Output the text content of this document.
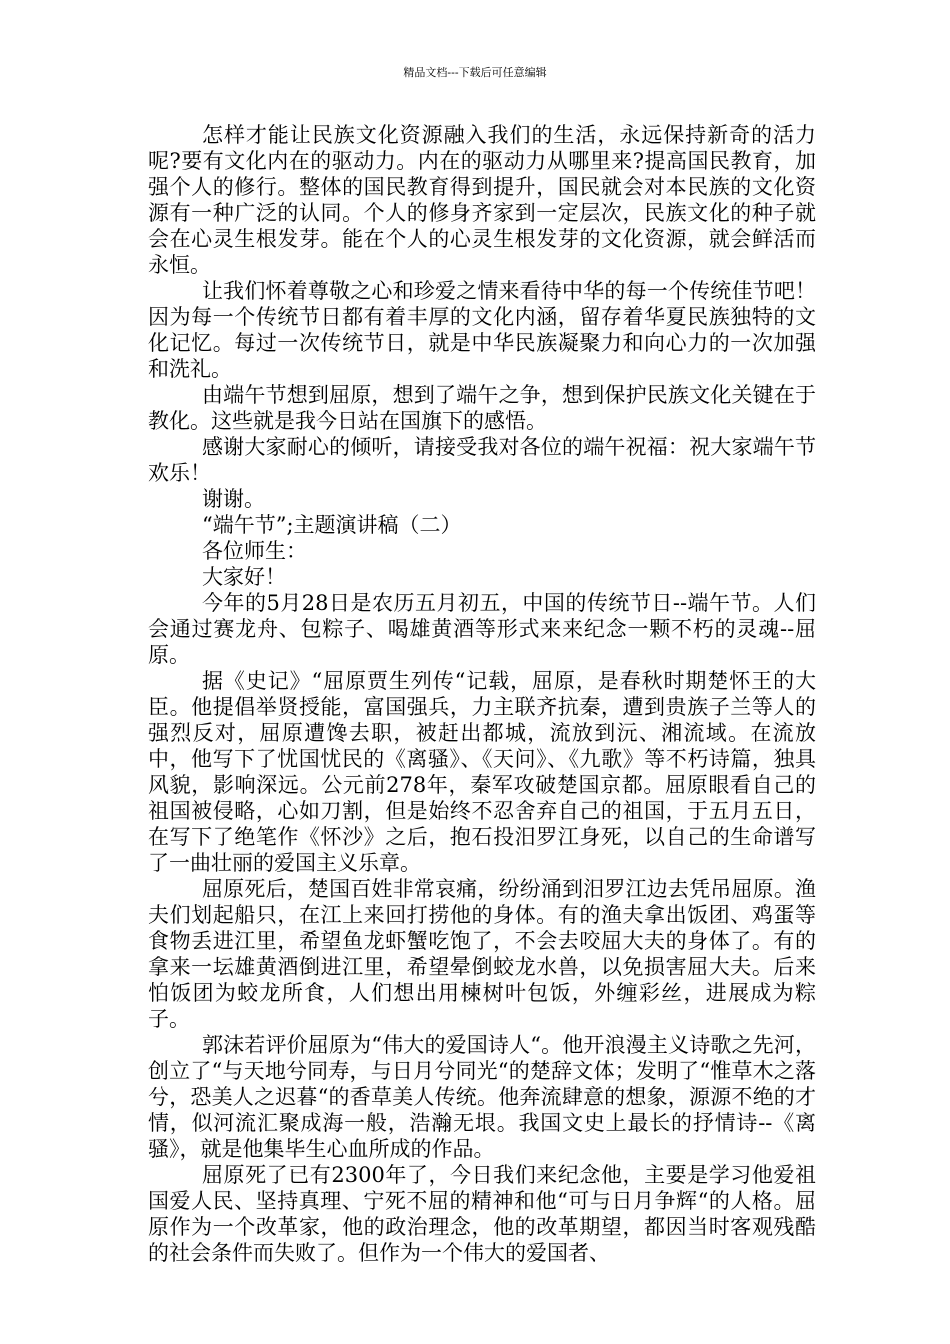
精品文档---下载后可任意编辑

怎样才能让民族文化资源融入我们的生活，永远保持新奇的活力呢?要有文化内在的驱动力。内在的驱动力从哪里来?提高国民教育，加强个人的修行。整体的国民教育得到提升，国民就会对本民族的文化资源有一种广泛的认同。个人的修身齐家到一定层次，民族文化的种子就会在心灵生根发芽。能在个人的心灵生根发芽的文化资源，就会鲜活而永恒。

让我们怀着尊敬之心和珍爱之情来看待中华的每一个传统佳节吧！因为每一个传统节日都有着丰厚的文化内涵，留存着华夏民族独特的文化记忆。每过一次传统节日，就是中华民族凝聚力和向心力的一次加强和洗礼。

由端午节想到屈原，想到了端午之争，想到保护民族文化关键在于教化。这些就是我今日站在国旗下的感悟。

感谢大家耐心的倾听，请接受我对各位的端午祝福：祝大家端午节欢乐！

谢谢。

“端午节”;主题演讲稿（二）

各位师生：

大家好！

今年的5月28日是农历五月初五，中国的传统节日--端午节。人们会通过赛龙舟、包粽子、喝雄黄酒等形式来来纪念一颗不朽的灵魂--屈原。

据《史记》“屈原贾生列传“记载，屈原，是春秋时期楚怀王的大臣。他提倡举贤授能，富国强兵，力主联齐抗秦，遭到贵族子兰等人的强烈反对，屈原遭馋去职，被赶出都城，流放到沅、湘流域。在流放中，他写下了忧国忧民的《离骚》、《天问》、《九歌》等不朽诗篇，独具风貌，影响深远。公元前278年，秦军攻破楚国京都。屈原眼看自己的祖国被侵略，心如刀割，但是始终不忍舍弃自己的祖国，于五月五日，在写下了绝笔作《怀沙》之后，抱石投汨罗江身死，以自己的生命谱写了一曲壮丽的爱国主义乐章。

屈原死后，楚国百姓非常哀痛，纷纷涌到汨罗江边去凭吊屈原。渔夫们划起船只，在江上来回打捞他的身体。有的渔夫拿出饭团、鸡蛋等食物丢进江里，希望鱼龙虾蟹吃饱了，不会去咬屈大夫的身体了。有的拿来一坛雄黄酒倒进江里，希望晕倒蛟龙水兽，以免损害屈大夫。后来怕饭团为蛟龙所食，人们想出用楝树叶包饭，外缠彩丝，进展成为粽子。

郭沫若评价屈原为“伟大的爱国诗人“。他开浪漫主义诗歌之先河，创立了“与天地兮同寿，与日月兮同光“的楚辞文体；发明了“惟草木之落兮，恐美人之迟暮“的香草美人传统。他奔流肆意的想象，源源不绝的才情，似河流汇聚成海一般，浩瀚无垠。我国文史上最长的抒情诗--《离骚》，就是他集毕生心血所成的作品。

屈原死了已有2300年了，今日我们来纪念他，主要是学习他爱祖国爱人民、坚持真理、宁死不屈的精神和他“可与日月争辉“的人格。屈原作为一个改革家，他的政治理念，他的改革期望，都因当时客观残酷的社会条件而失败了。但作为一个伟大的爱国者、
